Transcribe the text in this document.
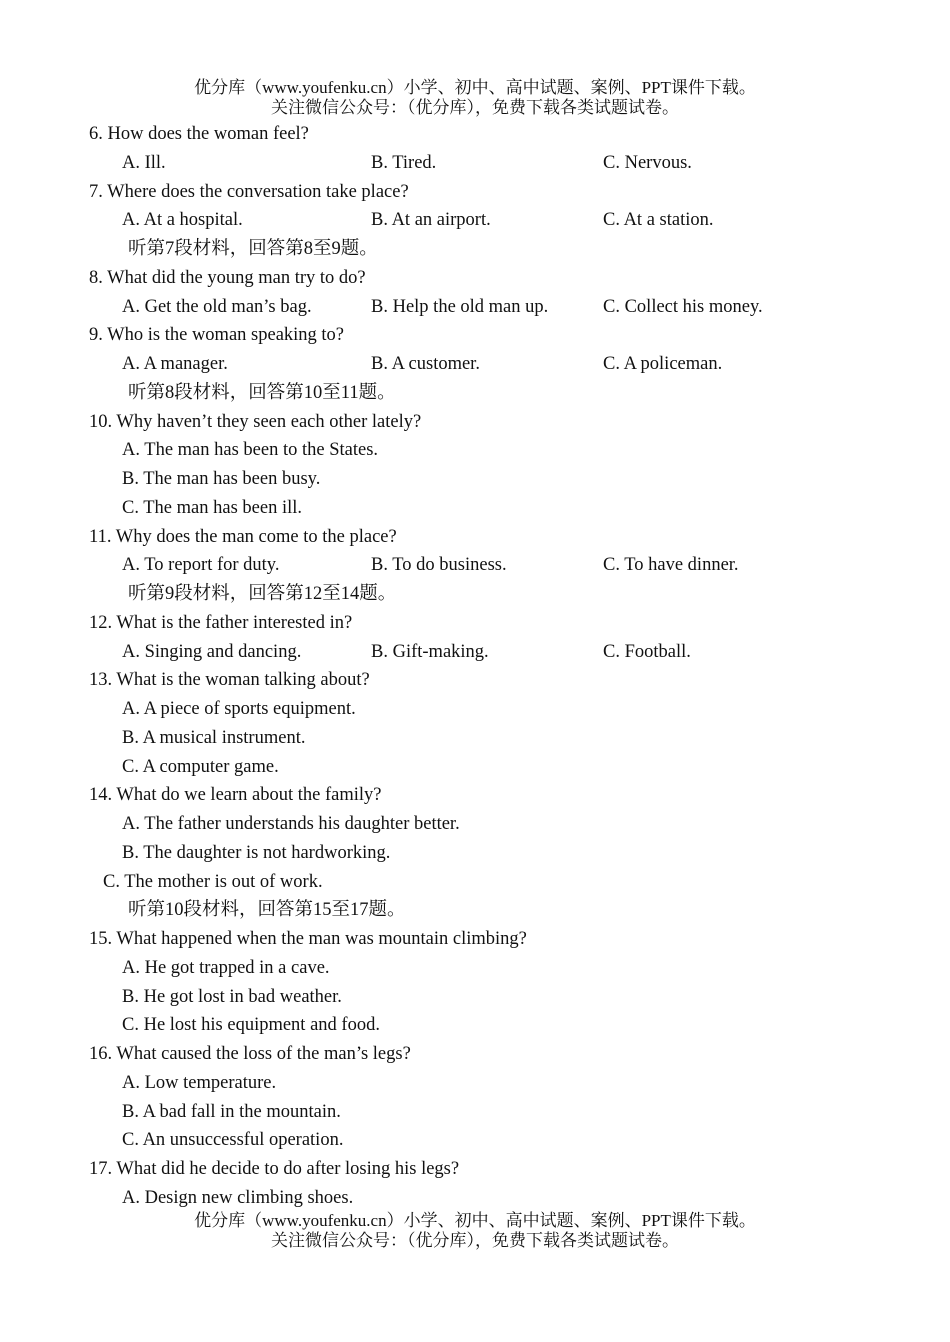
优分库（www.youfenku.cn）小学、初中、高中试题、案例、PPT课件下载。
关注微信公众号：（优分库），免费下载各类试题试卷。
6. How does the woman feel?
A. Ill.	B. Tired.	C. Nervous.
7. Where does the conversation take place?
A. At a hospital.	B. At an airport.	C. At a station.
听第7段材料，回答第8至9题。
8. What did the young man try to do?
A. Get the old man’s bag.	B. Help the old man up.	C. Collect his money.
9. Who is the woman speaking to?
A. A manager.	B. A customer.	C. A policeman.
听第8段材料，回答第10至11题。
10. Why haven’t they seen each other lately?
A. The man has been to the States.
B. The man has been busy.
C. The man has been ill.
11. Why does the man come to the place?
A. To report for duty.	B. To do business.	C. To have dinner.
听第9段材料，回答第12至14题。
12. What is the father interested in?
A. Singing and dancing.	B. Gift-making.	C. Football.
13. What is the woman talking about?
A. A piece of sports equipment.
B. A musical instrument.
C. A computer game.
14. What do we learn about the family?
A. The father understands his daughter better.
B. The daughter is not hardworking.
C. The mother is out of work.
听第10段材料，回答第15至17题。
15. What happened when the man was mountain climbing?
A. He got trapped in a cave.
B. He got lost in bad weather.
C. He lost his equipment and food.
16. What caused the loss of the man’s legs?
A. Low temperature.
B. A bad fall in the mountain.
C. An unsuccessful operation.
17. What did he decide to do after losing his legs?
A. Design new climbing shoes.
优分库（www.youfenku.cn）小学、初中、高中试题、案例、PPT课件下载。
关注微信公众号：（优分库），免费下载各类试题试卷。
